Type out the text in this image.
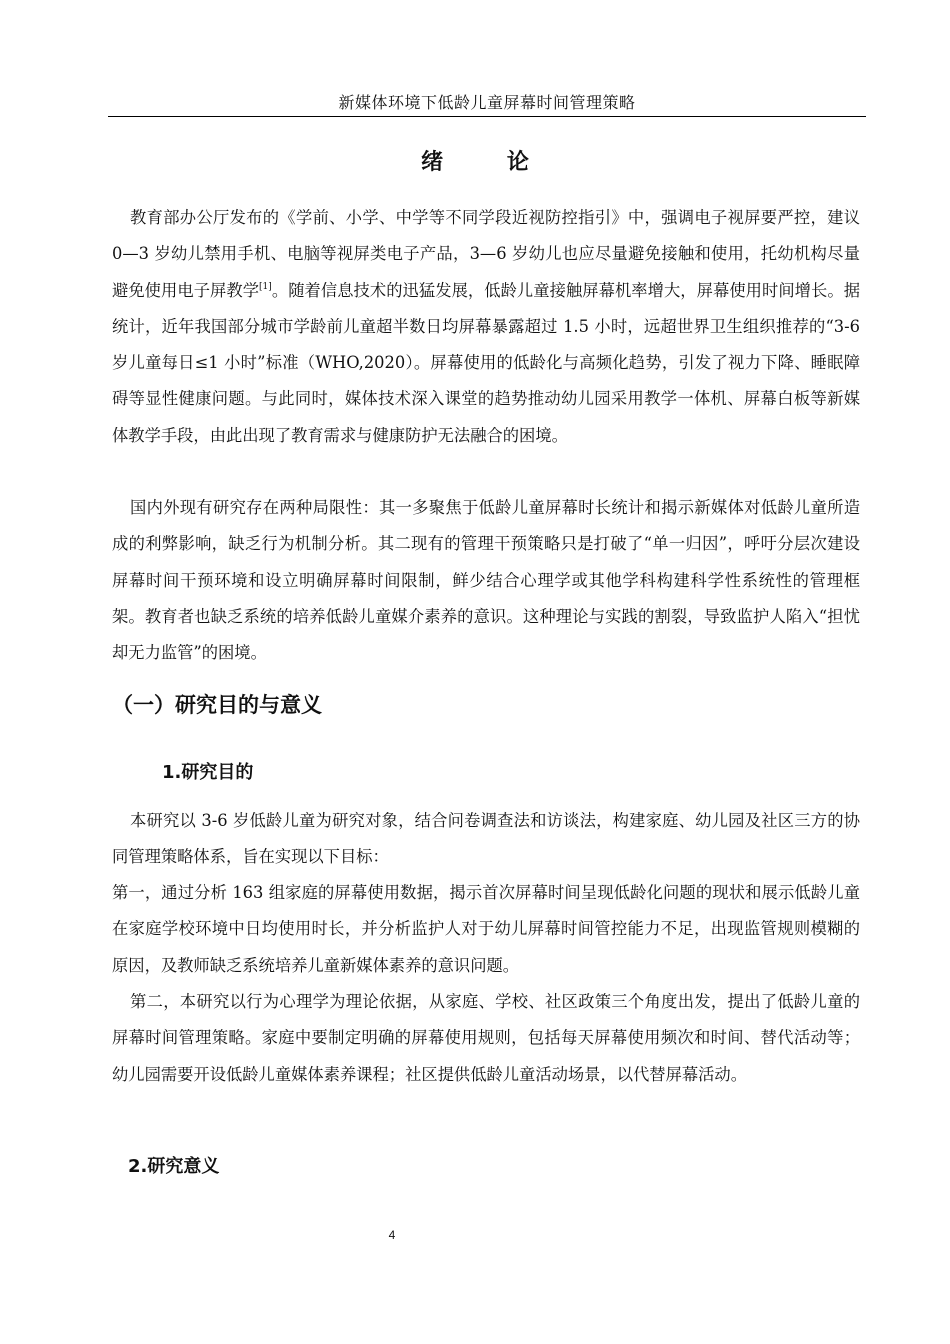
新媒体环境下低龄儿童屏幕时间管理策略
绪 论

教育部办公厅发布的《学前、小学、中学等不同学段近视防控指引》中，强调电子视屏要严控，建议 0—3 岁幼儿禁用手机、电脑等视屏类电子产品，3—6 岁幼儿也应尽量避免接触和使用，托幼机构尽量避免使用电子屏教学[1]。随着信息技术的迅猛发展，低龄儿童接触屏幕机率增大，屏幕使用时间增长。据统计，近年我国部分城市学龄前儿童超半数日均屏幕暴露超过 1.5 小时，远超世界卫生组织推荐的“3-6 岁儿童每日≤1 小时”标准（WHO,2020）。屏幕使用的低龄化与高频化趋势，引发了视力下降、睡眠障碍等显性健康问题。与此同时，媒体技术深入课堂的趋势推动幼儿园采用教学一体机、屏幕白板等新媒体教学手段，由此出现了教育需求与健康防护无法融合的困境。

国内外现有研究存在两种局限性：其一多聚焦于低龄儿童屏幕时长统计和揭示新媒体对低龄儿童所造成的利弊影响，缺乏行为机制分析。其二现有的管理干预策略只是打破了“单一归因”，呼吁分层次建设屏幕时间干预环境和设立明确屏幕时间限制，鲜少结合心理学或其他学科构建科学性系统性的管理框架。教育者也缺乏系统的培养低龄儿童媒介素养的意识。这种理论与实践的割裂，导致监护人陷入“担忧却无力监管”的困境。

（一）研究目的与意义
1.研究目的

本研究以 3-6 岁低龄儿童为研究对象，结合问卷调查法和访谈法，构建家庭、幼儿园及社区三方的协同管理策略体系，旨在实现以下目标：

第一，通过分析 163 组家庭的屏幕使用数据，揭示首次屏幕时间呈现低龄化问题的现状和展示低龄儿童在家庭学校环境中日均使用时长，并分析监护人对于幼儿屏幕时间管控能力不足，出现监管规则模糊的原因，及教师缺乏系统培养儿童新媒体素养的意识问题。

第二，本研究以行为心理学为理论依据，从家庭、学校、社区政策三个角度出发，提出了低龄儿童的屏幕时间管理策略。家庭中要制定明确的屏幕使用规则，包括每天屏幕使用频次和时间、替代活动等；幼儿园需要开设低龄儿童媒体素养课程；社区提供低龄儿童活动场景，以代替屏幕活动。

2.研究意义
4
